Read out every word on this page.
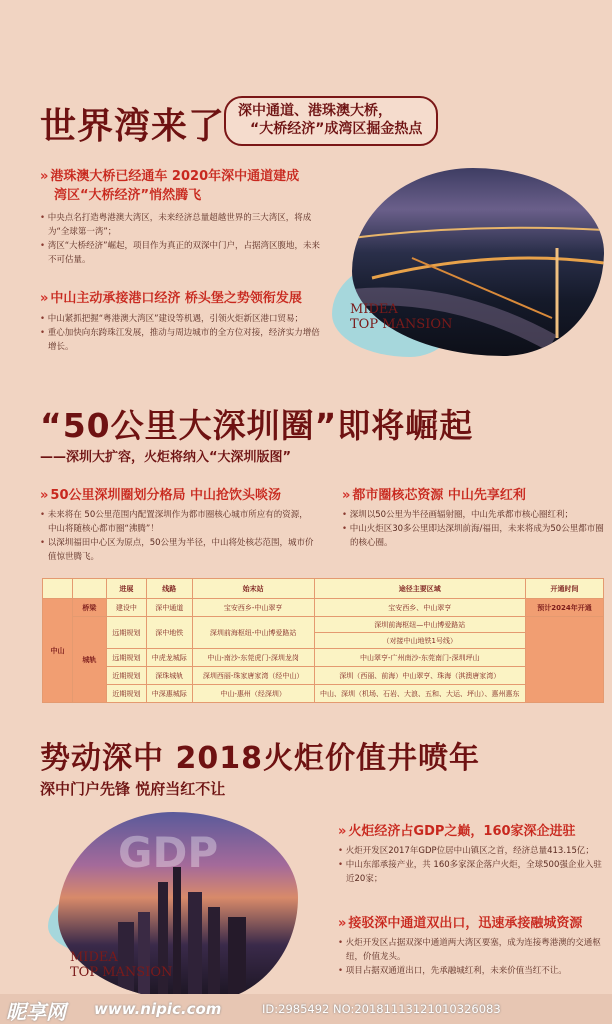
世界湾来了 深中通道、港珠澳大桥，
“大桥经济”成湾区掘金热点
» 港珠澳大桥已经通车 2020年深中通道建成
湾区“大桥经济”悄然腾飞
• 中央点名打造粤港澳大湾区，未来经济总量超越世界的三大湾区，将成为“全球第一湾”；
• 湾区“大桥经济”崛起，项目作为真正的双深中门户，占据湾区腹地，未来不可估量。
» 中山主动承接港口经济 桥头堡之势领衔发展
• 中山紧抓把握“粤港澳大湾区”建设等机遇，引领火炬新区港口贸易；
• 重心加快向东跨珠江发展，推动与周边城市的全方位对接，经济实力增倍增长。
MIDEA
TOP MANSION
“50公里大深圳圈”即将崛起
——深圳大扩容，火炬将纳入“大深圳版图”
» 50公里深圳圈划分格局 中山抢饮头啖汤
• 未来将在 50公里范围内配置深圳作为都市圈核心城市所应有的资源，中山将随核心都市圈“沸腾”！
• 以深圳福田中心区为原点，50公里为半径，中山将处核芯范围，城市价值惊世腾飞。
» 都市圈核芯资源 中山先享红利
• 深圳以50公里为半径画辐射圈，中山先承都市核心圈红利；
• 中山火炬区30多公里即达深圳前海/福田，未来将成为50公里都市圈的核心圈。
		进展	线路	始末站	途径主要区域	开通时间
中山	桥梁	建设中	深中通道	宝安西乡-中山翠亨	宝安西乡、中山翠亨	预计2024年开通
	城轨	远期规划	深中地铁	深圳前海枢纽-中山博爱路站	深圳前海枢纽—中山博爱路站	
					（对接中山地铁1号线）	
		远期规划	中虎龙城际	中山-南沙-东莞虎门-深圳龙岗	中山翠亨-广州南沙-东莞南门-深圳坪山	
		近期规划	深珠城轨	深圳西丽-珠家唐家湾（经中山）	深圳（西丽、前海）中山翠亨、珠海（淇澳唐家湾）	
		近期规划	中深惠城际	中山-惠州（经深圳）	中山、深圳（机场、石岩、大浪、五和、大运、坪山）、惠州惠东	
势动深中 2018火炬价值井喷年
深中门户先锋 悦府当红不让
GDP
MIDEA
TOP MANSION
» 火炬经济占GDP之巅，160家深企进驻
• 火炬开发区2017年GDP位居中山镇区之首，经济总量413.15亿；
• 中山东部承接产业，共 160多家深企落户火炬，全球500强企业入驻近20家；
» 接驳深中通道双出口，迅速承接融城资源
• 火炬开发区占据双深中通道两大湾区要塞，成为连接粤港澳的交通枢纽，价值龙头。
• 项目占据双通道出口，先承融城红利，未来价值当红不让。
昵享网 www.nipic.com	ID:2985492 NO:20181113121010326083
